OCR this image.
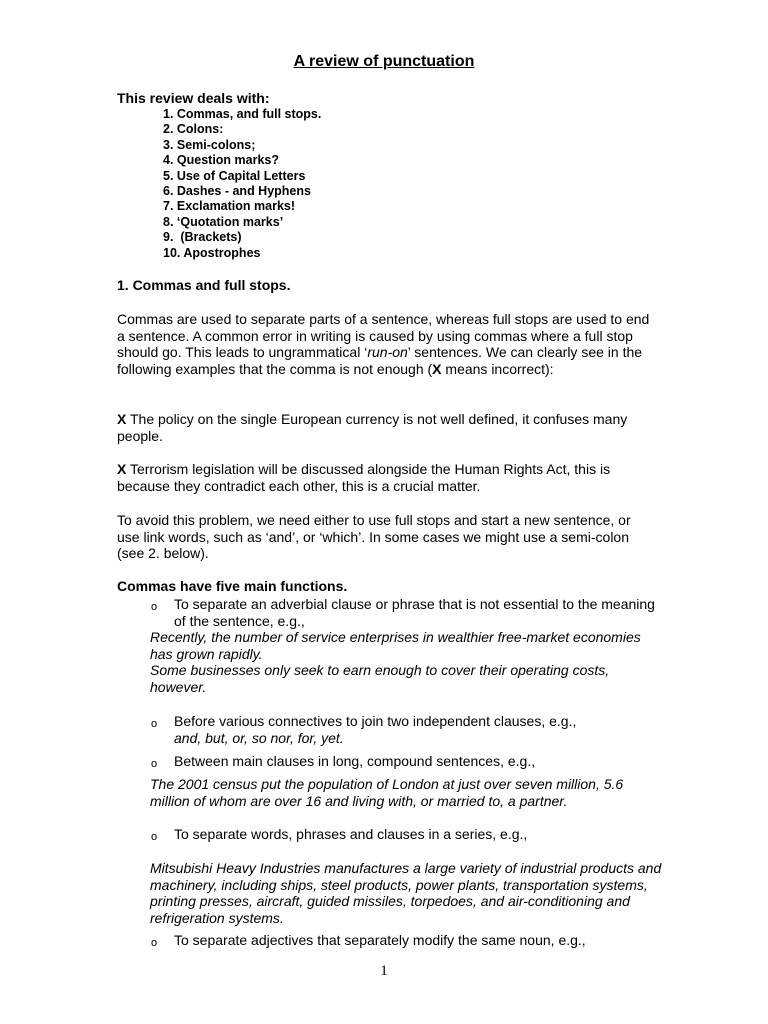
A review of punctuation
This review deals with:
1. Commas, and full stops.
2. Colons:
3. Semi-colons;
4. Question marks?
5. Use of Capital Letters
6. Dashes - and Hyphens
7. Exclamation marks!
8. ‘Quotation marks’
9.  (Brackets)
10. Apostrophes
1. Commas and full stops.

Commas are used to separate parts of a sentence, whereas full stops are used to end a sentence. A common error in writing is caused by using commas where a full stop should go. This leads to ungrammatical ‘run-on’ sentences. We can clearly see in the following examples that the comma is not enough (X means incorrect):

X The policy on the single European currency is not well defined, it confuses many people.

X Terrorism legislation will be discussed alongside the Human Rights Act, this is because they contradict each other, this is a crucial matter.

To avoid this problem, we need either to use full stops and start a new sentence, or use link words, such as ‘and’, or ‘which’. In some cases we might use a semi-colon (see 2. below).

Commas have five main functions.
o To separate an adverbial clause or phrase that is not essential to the meaning of the sentence, e.g.,
Recently, the number of service enterprises in wealthier free-market economies has grown rapidly.
Some businesses only seek to earn enough to cover their operating costs, however.
o Before various connectives to join two independent clauses, e.g.,
and, but, or, so nor, for, yet.
o Between main clauses in long, compound sentences, e.g.,
The 2001 census put the population of London at just over seven million, 5.6 million of whom are over 16 and living with, or married to, a partner.
o To separate words, phrases and clauses in a series, e.g.,
Mitsubishi Heavy Industries manufactures a large variety of industrial products and machinery, including ships, steel products, power plants, transportation systems, printing presses, aircraft, guided missiles, torpedoes, and air-conditioning and refrigeration systems.
o To separate adjectives that separately modify the same noun, e.g.,
1
